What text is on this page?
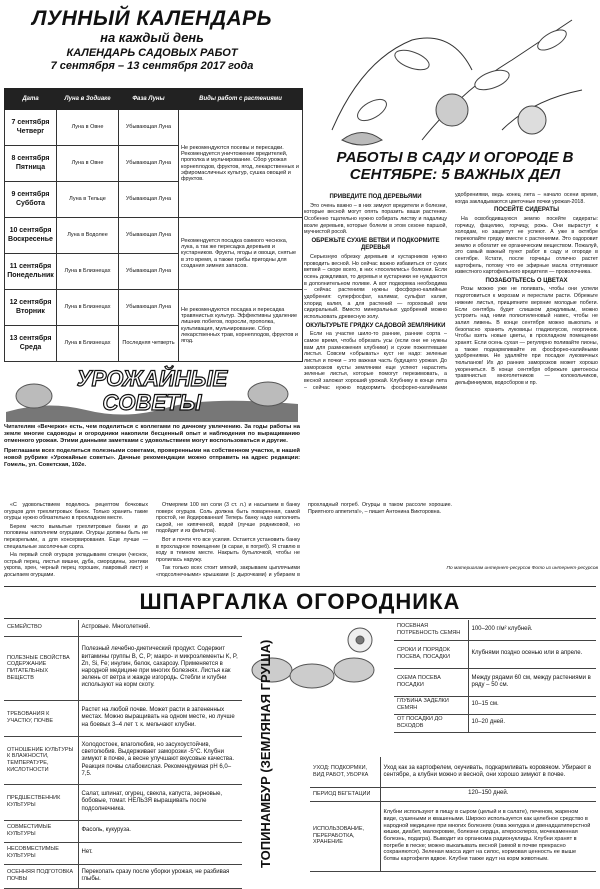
ЛУННЫЙ КАЛЕНДАРЬ
на каждый день
КАЛЕНДАРЬ САДОВЫХ РАБОТ
7 сентября – 13 сентября 2017 года
Дата	Луна в Зодиаке	Фаза Луны	Виды работ с растениями
7 сентября Четверг	Луна в Овне	Убывающая Луна	Не рекомендуются посевы и пересадки. Рекомендуется уничтожение вредителей, прополка и мульчирование. Сбор урожая корнеплодов, фруктов, ягод, лекарственных и эфиромасличных культур, сушка овощей и фруктов.
8 сентября Пятница	Луна в Овне	Убывающая Луна	
9 сентября Суббота	Луна в Тельце	Убывающая Луна	
10 сентября Воскресенье	Луна в Водолее	Убывающая Луна	Рекомендуется посадка озимого чеснока, лука, а так же пересадка деревьев и кустарников. Фрукты, ягоды и овощи, снятые в это время, а также грибы пригодны для создания зимних запасов.
11 сентября Понедельник	Луна в Близнецах	Убывающая Луна	
12 сентября Вторник	Луна в Близнецах	Убывающая Луна	Не рекомендуются посадка и пересадка травянистых культур. Эффективны удаление лишних побегов, поросли, прополка, культивация, мульчирование. Сбор лекарственных трав, корнеплодов, фруктов и ягод.
13 сентября Среда	Луна в Близнецах	Последняя четверть	
УРОЖАЙНЫЕ
СОВЕТЫ

Читателям «Вечерки» есть, чем поделиться с коллегами по дачному увлечению. За годы работы на земле многие садоводы и огородники накопили бесценный опыт и наблюдения по выращиванию отменного урожая. Этими данными заметками с удовольствием могут воспользоваться и другие.

Приглашаем всех поделиться полезными советами, проверенными на собственном участке, в нашей новой рубрике «Урожайные советы». Дачные рекомендации можно отправить на адрес редакции: Гомель, ул. Советская, 102е.

«С удовольствием поделюсь рецептом бочковых огурцов для трехлитровых банок. Только хранить такие огурцы нужно обязательно в прохладном месте.

Берем чисто вымытые трехлитровые банки и до половины наполняем огурцами. Огурцы должны быть не перезрелыми, а для консервирования. Еще лучше — специальные засолочные сорта.

На первый слой огурцов укладываем специи (чеснок, острый перец, листья вишни, дуба, смородины, зонтики укропа, хрен, черный перец горошек, лавровый лист) и досыпаем огурцами.

Отмеряем 100 мл соли (3 ст. л.) и насыпаем в банку поверх огурцов. Соль должна быть поваренная, самой простой, не йодированная! Теперь банку надо наполнить сырой, не кипяченой, водой (лучше родниковой, но подойдет и из фильтра).

Вот и почти что все усилия. Остается установить банку в прохладное помещение (в сарае, в погреб). Я ставлю в коду в темном месте. Накрыть бутылочкой, чтобы не пролилась наружу.

Так только всех стоит мягкий, закрываем цыплячьими «подсолнечными» крышками (с дырочками) и убираем в прохладный погреб. Огурцы в таком рассоле хорошие. Приятного аппетита!», – пишет Антонина Викторовна.

РАБОТЫ В САДУ И ОГОРОДЕ В СЕНТЯБРЕ: 5 ВАЖНЫХ ДЕЛ
ПРИВЕДИТЕ ПОД ДЕРЕВЬЯМИ

Это очень важно – в них зимуют вредители и болезни, которые весной могут опять поразить ваши растения. Особенно тщательно нужно собирать листву и падалицу возле деревьев, которые болели в этом сезоне паршой, мучнистой росой.

ОБРЕЖЬТЕ СУХИЕ ВЕТВИ И ПОДКОРМИТЕ ДЕРЕВЬЯ

Серьезную обрезку деревьев и кустарников нужно проводить весной. Но сейчас важно избавиться от сухих ветвей – скоре всего, в них «поселились» болезни. Если осень дождливая, то деревья и кустарники не нуждаются в дополнительном поливе. А вот подкормка необходима – сейчас растениям нужны фосфорно-калийные удобрения: суперфосфат, калимаг, сульфат калия, хлорид калия, а для растений — гороховый или сидеральный. Вместо минеральных удобрений можно использовать древесную золу.

ОКУЛЬТУРЬТЕ ГРЯДКУ САДОВОЙ ЗЕМЛЯНИКИ

Если на участке шило-то ранние, ранние сорта – самое время, чтобы обрезать усы (если они не нужны вам для размножения клубники) и сухие пожелтевшие листья. Совсем «обрывать» куст не надо: зеленые листья и почки – это важная часть будущего урожая. До заморозков кусты земляники еще успеют нарастить зеленые листья, которые помогут перезимовать, а весной заложат хороший урожай. Клубнику в конце лета – сейчас нужно подкормить фосфорно-калийными удобрениями, ведь конец лета – начало осени время, когда закладываются цветочные почки урожая-2018.

ПОСЕЙТЕ СИДЕРАТЫ

На освободившуюся землю посейте сидераты: горчицу, фацелию, горчицу, рожь. Они вырастут к холодам, но зацветут не успеют. А уже в октябре перекопайте грядку вместе с растениями. Это оздоровит землю и обогатит ее органическим веществом. Пожалуй, это самый важный пункт работ в саду и огороде в сентябре. Кстати, после горчицы отлично растет картофель, потому что ее эфирные масла отпугивают известного картофельного вредителя — проволочника.

ПОЗАБОТЬТЕСЬ О ЦВЕТАХ

Розы можно уже не поливать, чтобы они успели подготовиться к морозам и перестали расти. Обрежьте нижние листья, прищипните верхние молодые побеги. Если сентябрь будет слишком дождливым, можно устроить над ними полиэтиленовый навес, чтобы не залил ливень. В конце сентября можно выкопать и безопасно хранить луковицы гладиолусов, георгинов. Чтобы взять новые цветы, в прохладном помещении хранят. Если осень сухая — регулярно поливайте пионы, а также подкармливайте их фосфорно-калийными удобрениями. Не удаляйте при посадке луковичных тюльпанов! Их до ранних заморозков может хорошо укорениться. В конце сентября обрежьте цветоносы травянистых многолетников — колокольчиков, дельфиниумов, водосборов и пр.

По материалам интернет-ресурсов Фото из интернет-ресурсов
ШПАРГАЛКА ОГОРОДНИКА
СЕМЕЙСТВО	Астровые. Многолетний.
ПОЛЕЗНЫЕ СВОЙСТВА СОДЕРЖАНИЕ ПИТАТЕЛЬНЫХ ВЕЩЕСТВ	Полезный лечебно-диетический продукт. Содержит витамины группы B, C, P; макро- и микроэлементы K, P, Zn, Si, Fe; инулин, белок, сахарозу. Применяется в народной медицине при многих болезнях. Листья как зелень от ветра и жажде изгородь. Стебли и клубни используют на корм скоту.
ТРЕБОВАНИЯ К УЧАСТКУ, ПОЧВЕ	Растет на любой почве. Может расти в затененных местах. Можно выращивать на одном месте, но лучше на боевых 3–4 лет т. к. мельчают клубни.
ОТНОШЕНИЕ КУЛЬТУРЫ К ВЛАЖНОСТИ, ТЕМПЕРАТУРЕ, КИСЛОТНОСТИ	Холодостоек, влаголюбив, но засухоустойчив, светолюбив. Выдерживает заморозки -5°С. Клубни зимуют в почве, а весне улучшают вкусовые качества. Реакция почвы слабокислая. Рекомендуемая рН 6,0–7,5.
ПРЕДШЕСТВЕННИК КУЛЬТУРЫ	Салат, шпинат, огурец, свекла, капуста, зерновые, бобовые, томат. НЕЛЬЗЯ выращивать после подсолнечника.
СОВМЕСТИМЫЕ КУЛЬТУРЫ	Фасоль, кукуруза.
НЕСОВМЕСТИМЫЕ КУЛЬТУРЫ	Нет.
ОСЕННЯЯ ПОДГОТОВКА ПОЧВЫ	Перекопать сразу после уборки урожая, не разбивая глыбы.
ТОПИНАМБУР (ЗЕМЛЯНАЯ ГРУША)
ПОСЕВНАЯ ПОТРЕБНОСТЬ СЕМЯН	100–200 г/м² клубней.
СРОКИ И ПОРЯДОК ПОСЕВА, ПОСАДКИ	Клубнями поздно осенью или в апреле.
СХЕМА ПОСЕВА ПОСАДКИ	Между рядами 60 см, между растениями в ряду – 50 см.
ГЛУБИНА ЗАДЕЛКИ СЕМЯН	10–15 см.
ОТ ПОСАДКИ ДО ВСХОДОВ	10–20 дней.
УХОД: ПОДКОРМКИ, ВИД РАБОТ, УБОРКА	Уход как за картофелем, окучивать, подкармливать коровяком. Убирают в сентябре, а клубни можно и весной, они хорошо зимуют в почве.
ПЕРИОД ВЕГЕТАЦИИ	120–150 дней.
ИСПОЛЬЗОВАНИЕ, ПЕРЕРАБОТКА, ХРАНЕНИЕ	Клубни используют в пищу в сыром (целый и в салате), печеном, жареном виде, сушеными и квашеными. Широко используется как целебное средство в народной медицине при многих болезнях (язва желудка и двенадцатиперстной кишки, диабет, малокровие, болезни сердца, атеросклероз, мочекаменная болезнь, подагра). Выводит из организма радионуклиды. Клубни хранят в погребе в песке; можно выкапывать весной (зимой в почве прекрасно сохраняются). Зеленая масса идет на силос, кормовая ценность ее выше ботвы картофеля вдвое. Клубни также идут на корм животным.
